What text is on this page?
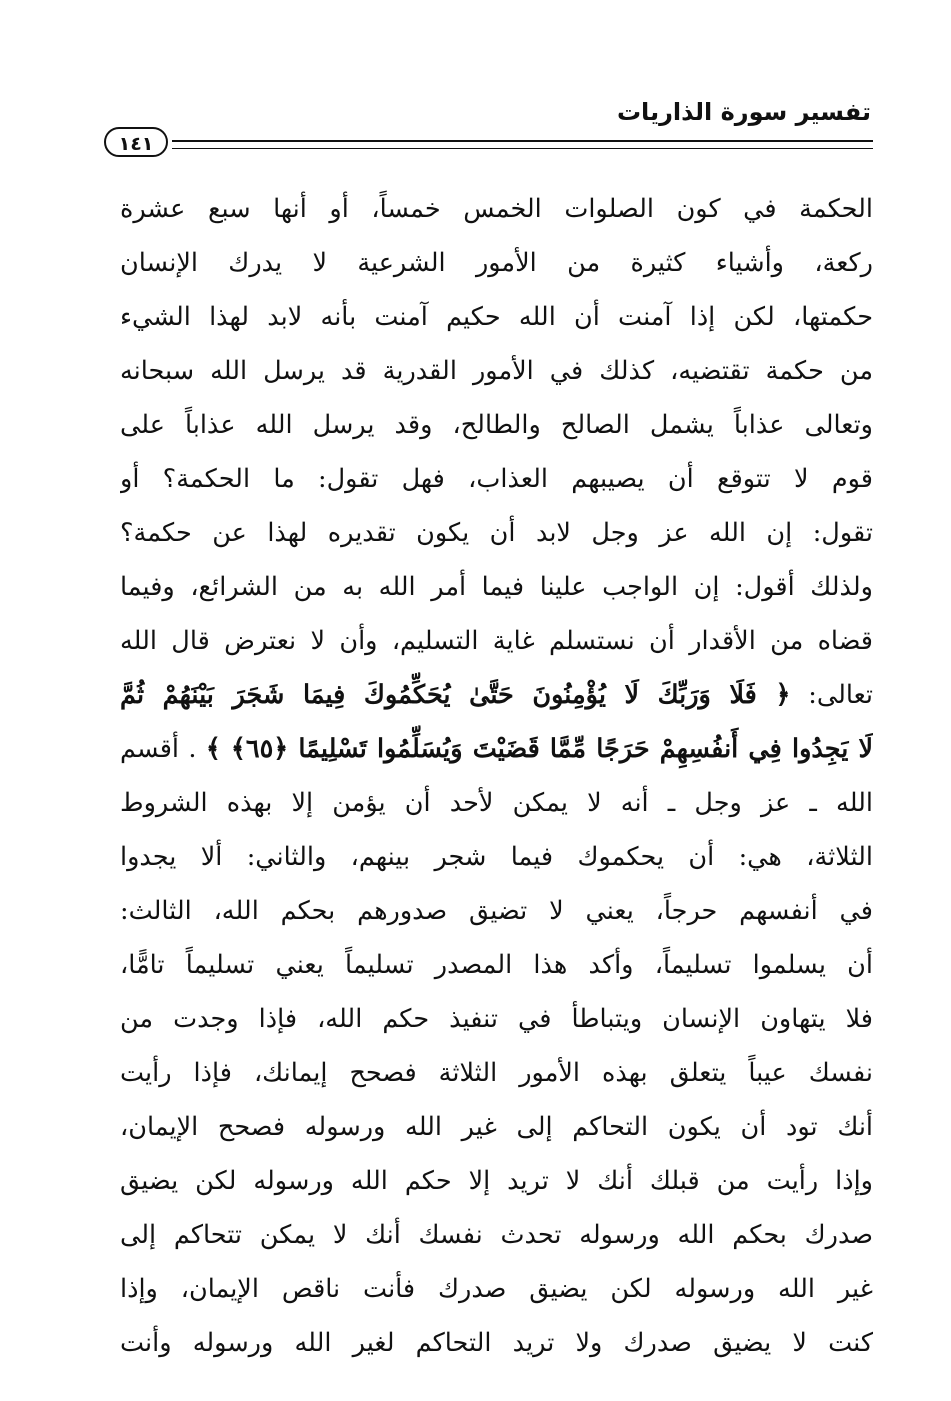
تفسير سورة الذاريات
١٤١
الحكمة في كون الصلوات الخمس خمساً، أو أنها سبع عشرة
ركعة، وأشياء كثيرة من الأمور الشرعية لا يدرك الإنسان
حكمتها، لكن إذا آمنت أن الله حكيم آمنت بأنه لابد لهذا الشيء
من حكمة تقتضيه، كذلك في الأمور القدرية قد يرسل الله سبحانه
وتعالى عذاباً يشمل الصالح والطالح، وقد يرسل الله عذاباً على
قوم لا تتوقع أن يصيبهم العذاب، فهل تقول: ما الحكمة؟ أو
تقول: إن الله عز وجل لابد أن يكون تقديره لهذا عن حكمة؟
ولذلك أقول: إن الواجب علينا فيما أمر الله به من الشرائع، وفيما
قضاه من الأقدار أن نستسلم غاية التسليم، وأن لا نعترض قال الله
تعالى: ﴿ فَلَا وَرَبِّكَ لَا يُؤْمِنُونَ حَتَّىٰ يُحَكِّمُوكَ فِيمَا شَجَرَ بَيْنَهُمْ ثُمَّ
لَا يَجِدُوا فِي أَنفُسِهِمْ حَرَجًا مِّمَّا قَضَيْتَ وَيُسَلِّمُوا تَسْلِيمًا ﴿٦٥﴾ ﴾ . أقسم
الله ـ عز وجل ـ أنه لا يمكن لأحد أن يؤمن إلا بهذه الشروط
الثلاثة، هي: أن يحكموك فيما شجر بينهم، والثاني: ألا يجدوا
في أنفسهم حرجاً، يعني لا تضيق صدورهم بحكم الله، الثالث:
أن يسلموا تسليماً، وأكد هذا المصدر تسليماً يعني تسليماً تامًّا،
فلا يتهاون الإنسان ويتباطأ في تنفيذ حكم الله، فإذا وجدت من
نفسك عيباً يتعلق بهذه الأمور الثلاثة فصحح إيمانك، فإذا رأيت
أنك تود أن يكون التحاكم إلى غير الله ورسوله فصحح الإيمان،
وإذا رأيت من قبلك أنك لا تريد إلا حكم الله ورسوله لكن يضيق
صدرك بحكم الله ورسوله تحدث نفسك أنك لا يمكن تتحاكم إلى
غير الله ورسوله لكن يضيق صدرك فأنت ناقص الإيمان، وإذا
كنت لا يضيق صدرك ولا تريد التحاكم لغير الله ورسوله وأنت
